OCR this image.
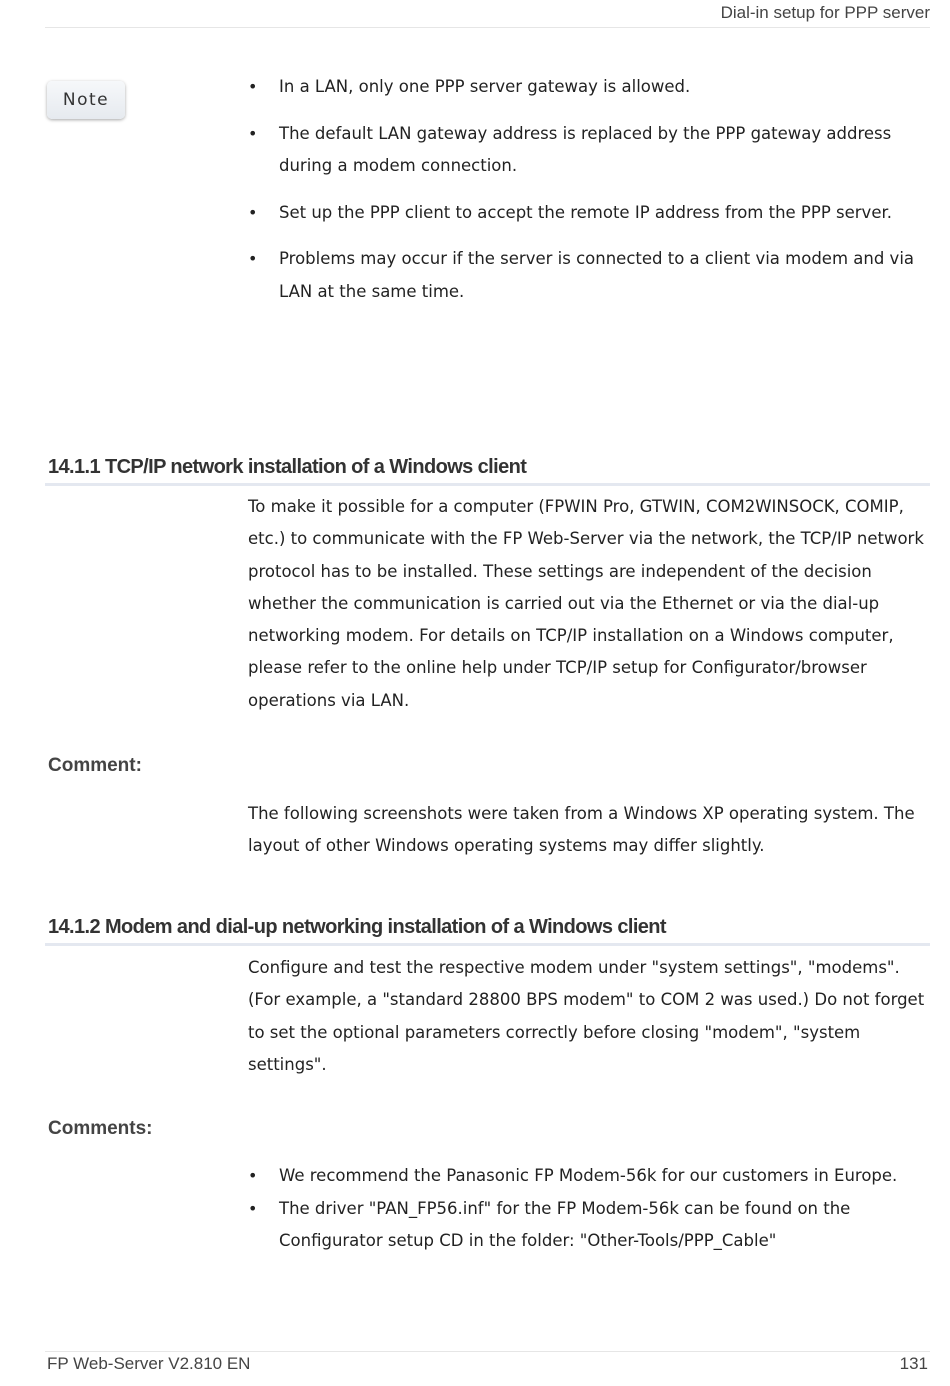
Dial-in setup for PPP server
Note
• In a LAN, only one PPP server gateway is allowed.
• The default LAN gateway address is replaced by the PPP gateway address during a modem connection.
• Set up the PPP client to accept the remote IP address from the PPP server.
• Problems may occur if the server is connected to a client via modem and via LAN at the same time.
14.1.1 TCP/IP network installation of a Windows client

To make it possible for a computer (FPWIN Pro, GTWIN, COM2WINSOCK, COMIP, etc.) to communicate with the FP Web-Server via the network, the TCP/IP network protocol has to be installed. These settings are independent of the decision whether the communication is carried out via the Ethernet or via the dial-up networking modem. For details on TCP/IP installation on a Windows computer, please refer to the online help under TCP/IP setup for Configurator/browser operations via LAN.

Comment:

The following screenshots were taken from a Windows XP operating system. The layout of other Windows operating systems may differ slightly.

14.1.2 Modem and dial-up networking installation of a Windows client

Configure and test the respective modem under "system settings", "modems". (For example, a "standard 28800 BPS modem" to COM 2 was used.) Do not forget to set the optional parameters correctly before closing "modem", "system settings".

Comments:
• We recommend the Panasonic FP Modem-56k for our customers in Europe.
• The driver "PAN_FP56.inf" for the FP Modem-56k can be found on the Configurator setup CD in the folder: "Other-Tools/PPP_Cable"
FP Web-Server V2.810 EN	131
